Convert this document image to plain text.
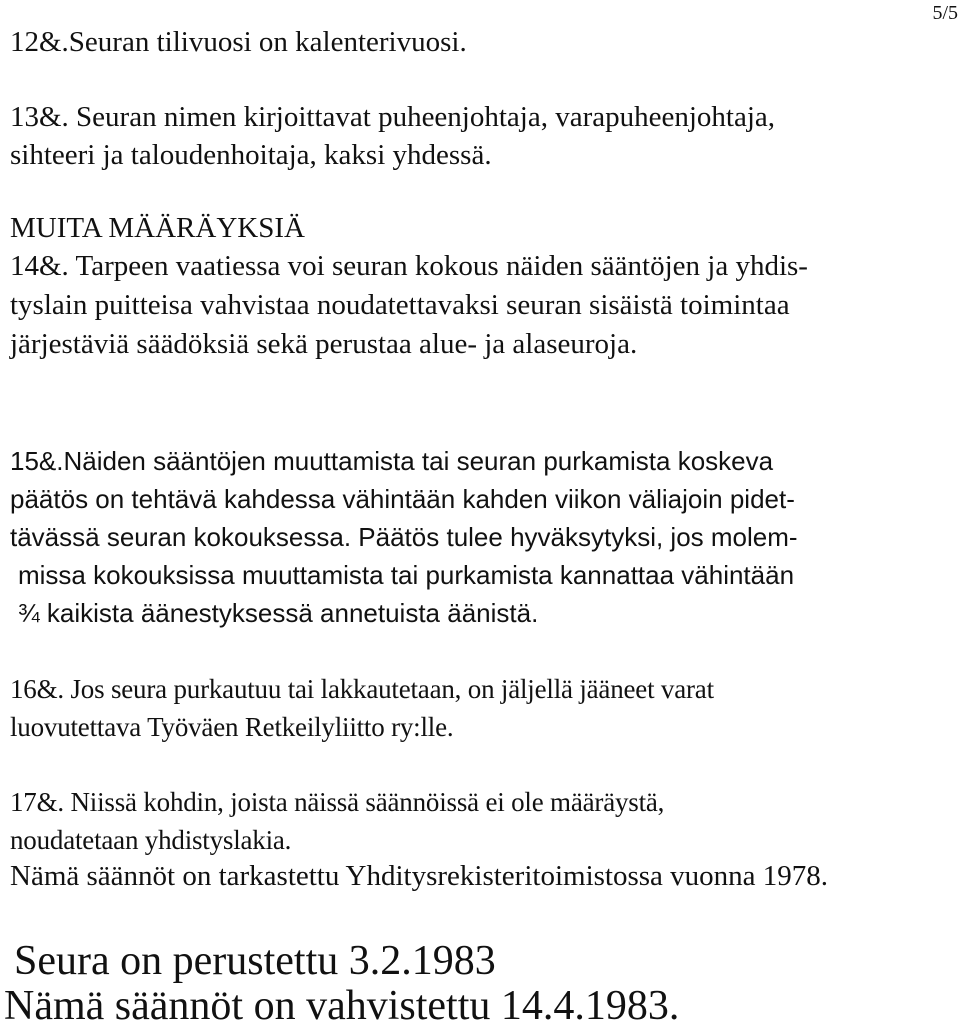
5/5

12&.Seuran tilivuosi on kalenterivuosi.

13&. Seuran nimen kirjoittavat puheenjohtaja, varapuheenjohtaja,

sihteeri ja taloudenhoitaja, kaksi yhdessä.

MUITA MÄÄRÄYKSIÄ

14&. Tarpeen vaatiessa voi seuran kokous näiden sääntöjen ja yhdis-

tyslain puitteisa vahvistaa noudatettavaksi seuran sisäistä toimintaa

järjestäviä säädöksiä sekä perustaa alue- ja alaseuroja.

15&.Näiden sääntöjen muuttamista tai seuran purkamista koskeva

päätös on tehtävä kahdessa vähintään kahden viikon väliajoin pidet-

tävässä seuran kokouksessa. Päätös tulee hyväksytyksi, jos molem-

missa kokouksissa muuttamista tai purkamista kannattaa vähintään

¾ kaikista äänestyksessä annetuista äänistä.

16&. Jos seura purkautuu tai lakkautetaan, on jäljellä jääneet varat

luovutettava Työväen Retkeilyliitto ry:lle.

17&. Niissä kohdin, joista näissä säännöissä ei ole määräystä,

noudatetaan yhdistyslakia.

Nämä säännöt on tarkastettu Yhditysrekisteritoimistossa vuonna 1978.

Seura on perustettu 3.2.1983

Nämä säännöt on vahvistettu 14.4.1983.
